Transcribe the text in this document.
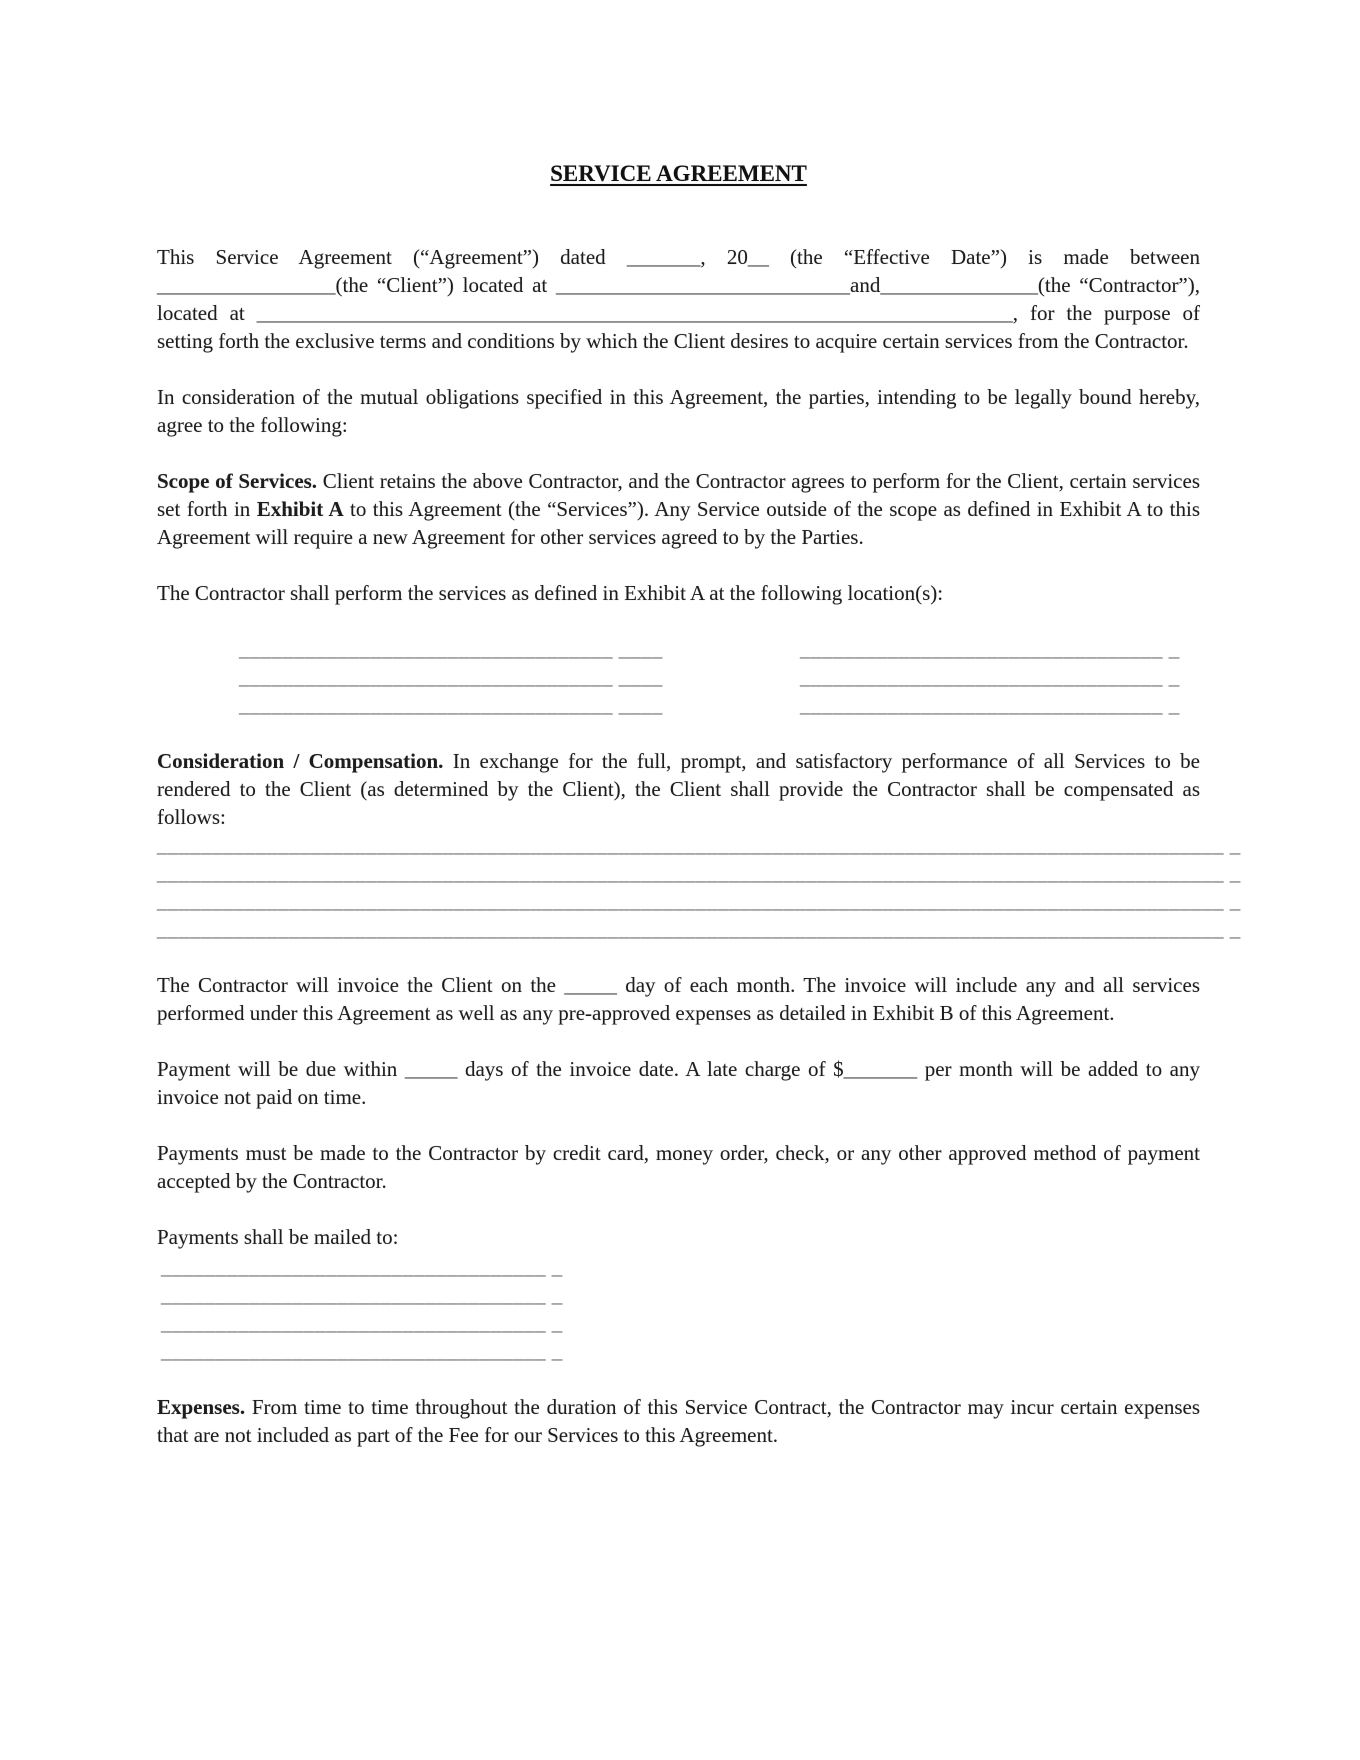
SERVICE AGREEMENT

This Service Agreement (“Agreement”) dated _______, 20__ (the “Effective Date”) is made between _________________(the “Client”) located at ____________________________and_______________(the “Contractor”), located at ________________________________________________________________________, for the purpose of setting forth the exclusive terms and conditions by which the Client desires to acquire certain services from the Contractor.

In consideration of the mutual obligations specified in this Agreement, the parties, intending to be legally bound hereby, agree to the following:

Scope of Services. Client retains the above Contractor, and the Contractor agrees to perform for the Client, certain services set forth in Exhibit A to this Agreement (the “Services”). Any Service outside of the scope as defined in Exhibit A to this Agreement will require a new Agreement for other services agreed to by the Parties.

The Contractor shall perform the services as defined in Exhibit A at the following location(s):

__________________________________ ____	_________________________________ _
__________________________________ ____	_________________________________ _
__________________________________ ____	_________________________________ _

Consideration / Compensation. In exchange for the full, prompt, and satisfactory performance of all Services to be rendered to the Client (as determined by the Client), the Client shall provide the Contractor shall be compensated as follows:

_________________________________________________________________________________________________ _
_________________________________________________________________________________________________ _
_________________________________________________________________________________________________ _
_________________________________________________________________________________________________ _

The Contractor will invoice the Client on the _____ day of each month. The invoice will include any and all services performed under this Agreement as well as any pre-approved expenses as detailed in Exhibit B of this Agreement.

Payment will be due within _____ days of the invoice date. A late charge of $_______ per month will be added to any invoice not paid on time.

Payments must be made to the Contractor by credit card, money order, check, or any other approved method of payment accepted by the Contractor.

Payments shall be mailed to:

___________________________________ _
___________________________________ _
___________________________________ _
___________________________________ _

Expenses. From time to time throughout the duration of this Service Contract, the Contractor may incur certain expenses that are not included as part of the Fee for our Services to this Agreement.
